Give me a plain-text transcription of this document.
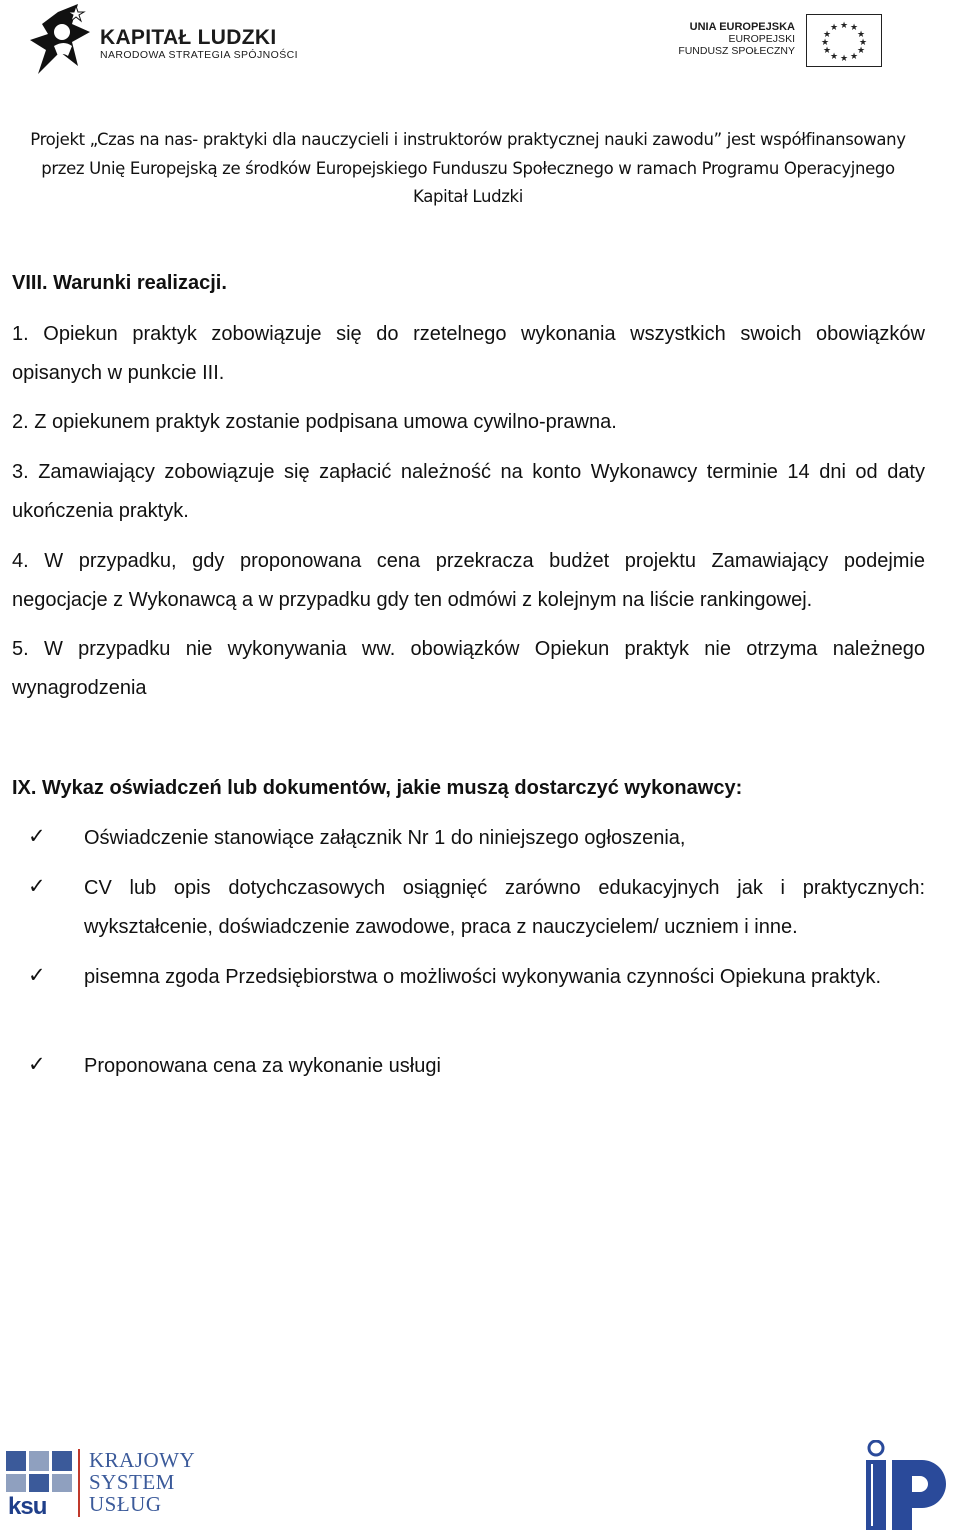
KAPITAŁ LUDZKI
NARODOWA STRATEGIA SPÓJNOŚCI
UNIA EUROPEJSKA
EUROPEJSKI
FUNDUSZ SPOŁECZNY
★ ★
★
★
★
★
★
★
★
★
★
★
Projekt „Czas na nas- praktyki dla nauczycieli i instruktorów praktycznej nauki zawodu” jest współfinansowany
przez Unię Europejską ze środków Europejskiego Funduszu Społecznego w ramach Programu Operacyjnego
Kapitał Ludzki
VIII. Warunki realizacji.
1. Opiekun praktyk zobowiązuje się do rzetelnego wykonania wszystkich swoich obowiązków opisanych w punkcie III.
2. Z opiekunem praktyk zostanie podpisana umowa cywilno-prawna.
3. Zamawiający zobowiązuje się zapłacić należność na konto Wykonawcy terminie 14 dni od daty ukończenia praktyk.
4. W przypadku, gdy proponowana cena przekracza budżet projektu Zamawiający podejmie negocjacje z Wykonawcą a w przypadku gdy ten odmówi z kolejnym na liście rankingowej.
5. W przypadku nie wykonywania ww. obowiązków Opiekun praktyk nie otrzyma należnego wynagrodzenia
IX. Wykaz oświadczeń lub dokumentów, jakie muszą dostarczyć wykonawcy:
✓ Oświadczenie stanowiące załącznik Nr 1 do niniejszego ogłoszenia,
✓ CV lub opis dotychczasowych osiągnięć zarówno edukacyjnych jak i praktycznych: wykształcenie, doświadczenie zawodowe, praca z nauczycielem/ uczniem i inne.
✓ pisemna zgoda Przedsiębiorstwa o możliwości wykonywania czynności Opiekuna praktyk.
✓ Proponowana cena za wykonanie usługi
ksu
KRAJOWY
SYSTEM
USŁUG
